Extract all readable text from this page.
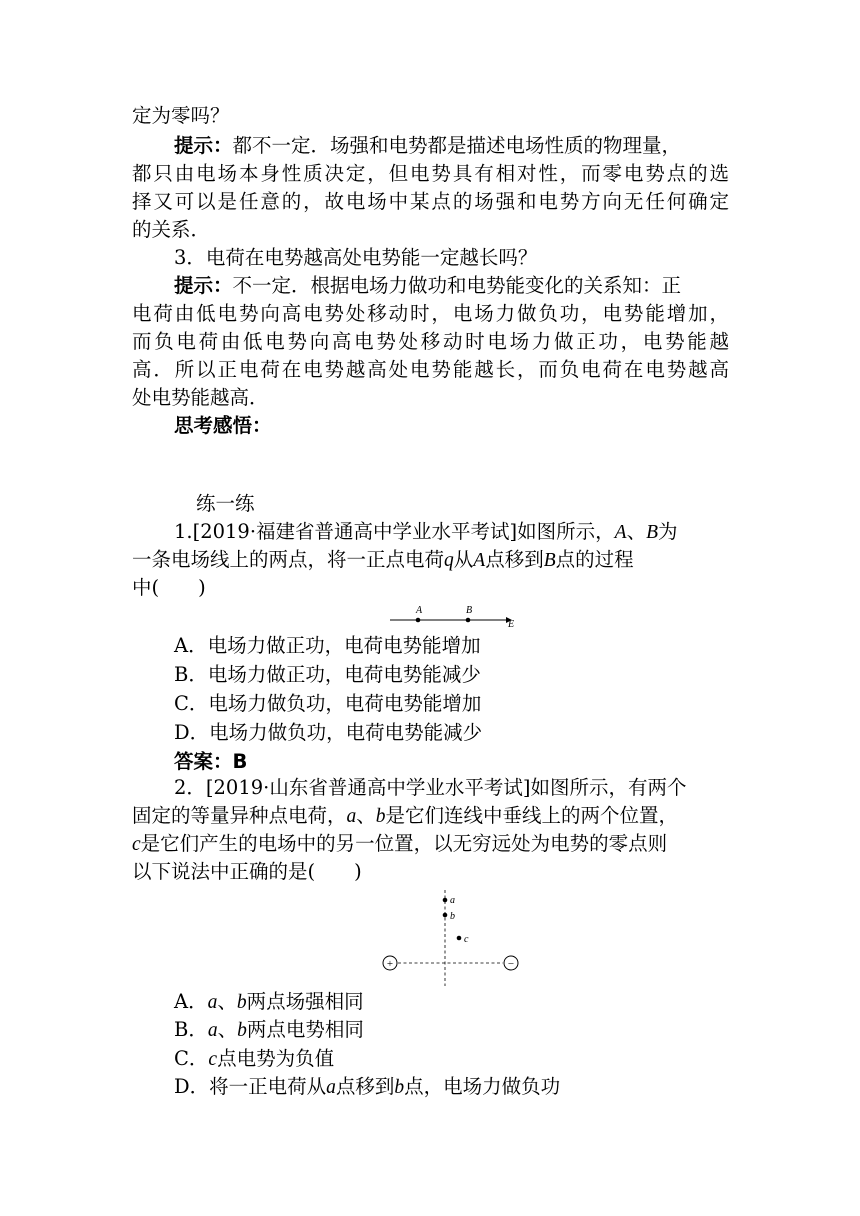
定为零吗？
提示：都不一定．场强和电势都是描述电场性质的物理量，
都只由电场本身性质决定，但电势具有相对性，而零电势点的选
择又可以是任意的，故电场中某点的场强和电势方向无任何确定
的关系．
3．电荷在电势越高处电势能一定越长吗？
提示：不一定．根据电场力做功和电势能变化的关系知：正
电荷由低电势向高电势处移动时，电场力做负功，电势能增加，
而负电荷由低电势向高电势处移动时电场力做正功，电势能越
高．所以正电荷在电势越高处电势能越长，而负电荷在电势越高
处电势能越高．
思考感悟：
练一练
1.[2019·福建省普通高中学业水平考试]如图所示，A、B为
一条电场线上的两点，将一正点电荷q从A点移到B点的过程
中(　　)
A	B
E
A．电场力做正功，电荷电势能增加
B．电场力做正功，电荷电势能减少
C．电场力做负功，电荷电势能增加
D．电场力做负功，电荷电势能减少
答案：B
2．[2019·山东省普通高中学业水平考试]如图所示，有两个
固定的等量异种点电荷，a、b是它们连线中垂线上的两个位置，
c是它们产生的电场中的另一位置，以无穷远处为电势的零点则
以下说法中正确的是(　　)
+	−
a
b
c
A．a、b两点场强相同
B．a、b两点电势相同
C．c点电势为负值
D．将一正电荷从a点移到b点，电场力做负功
